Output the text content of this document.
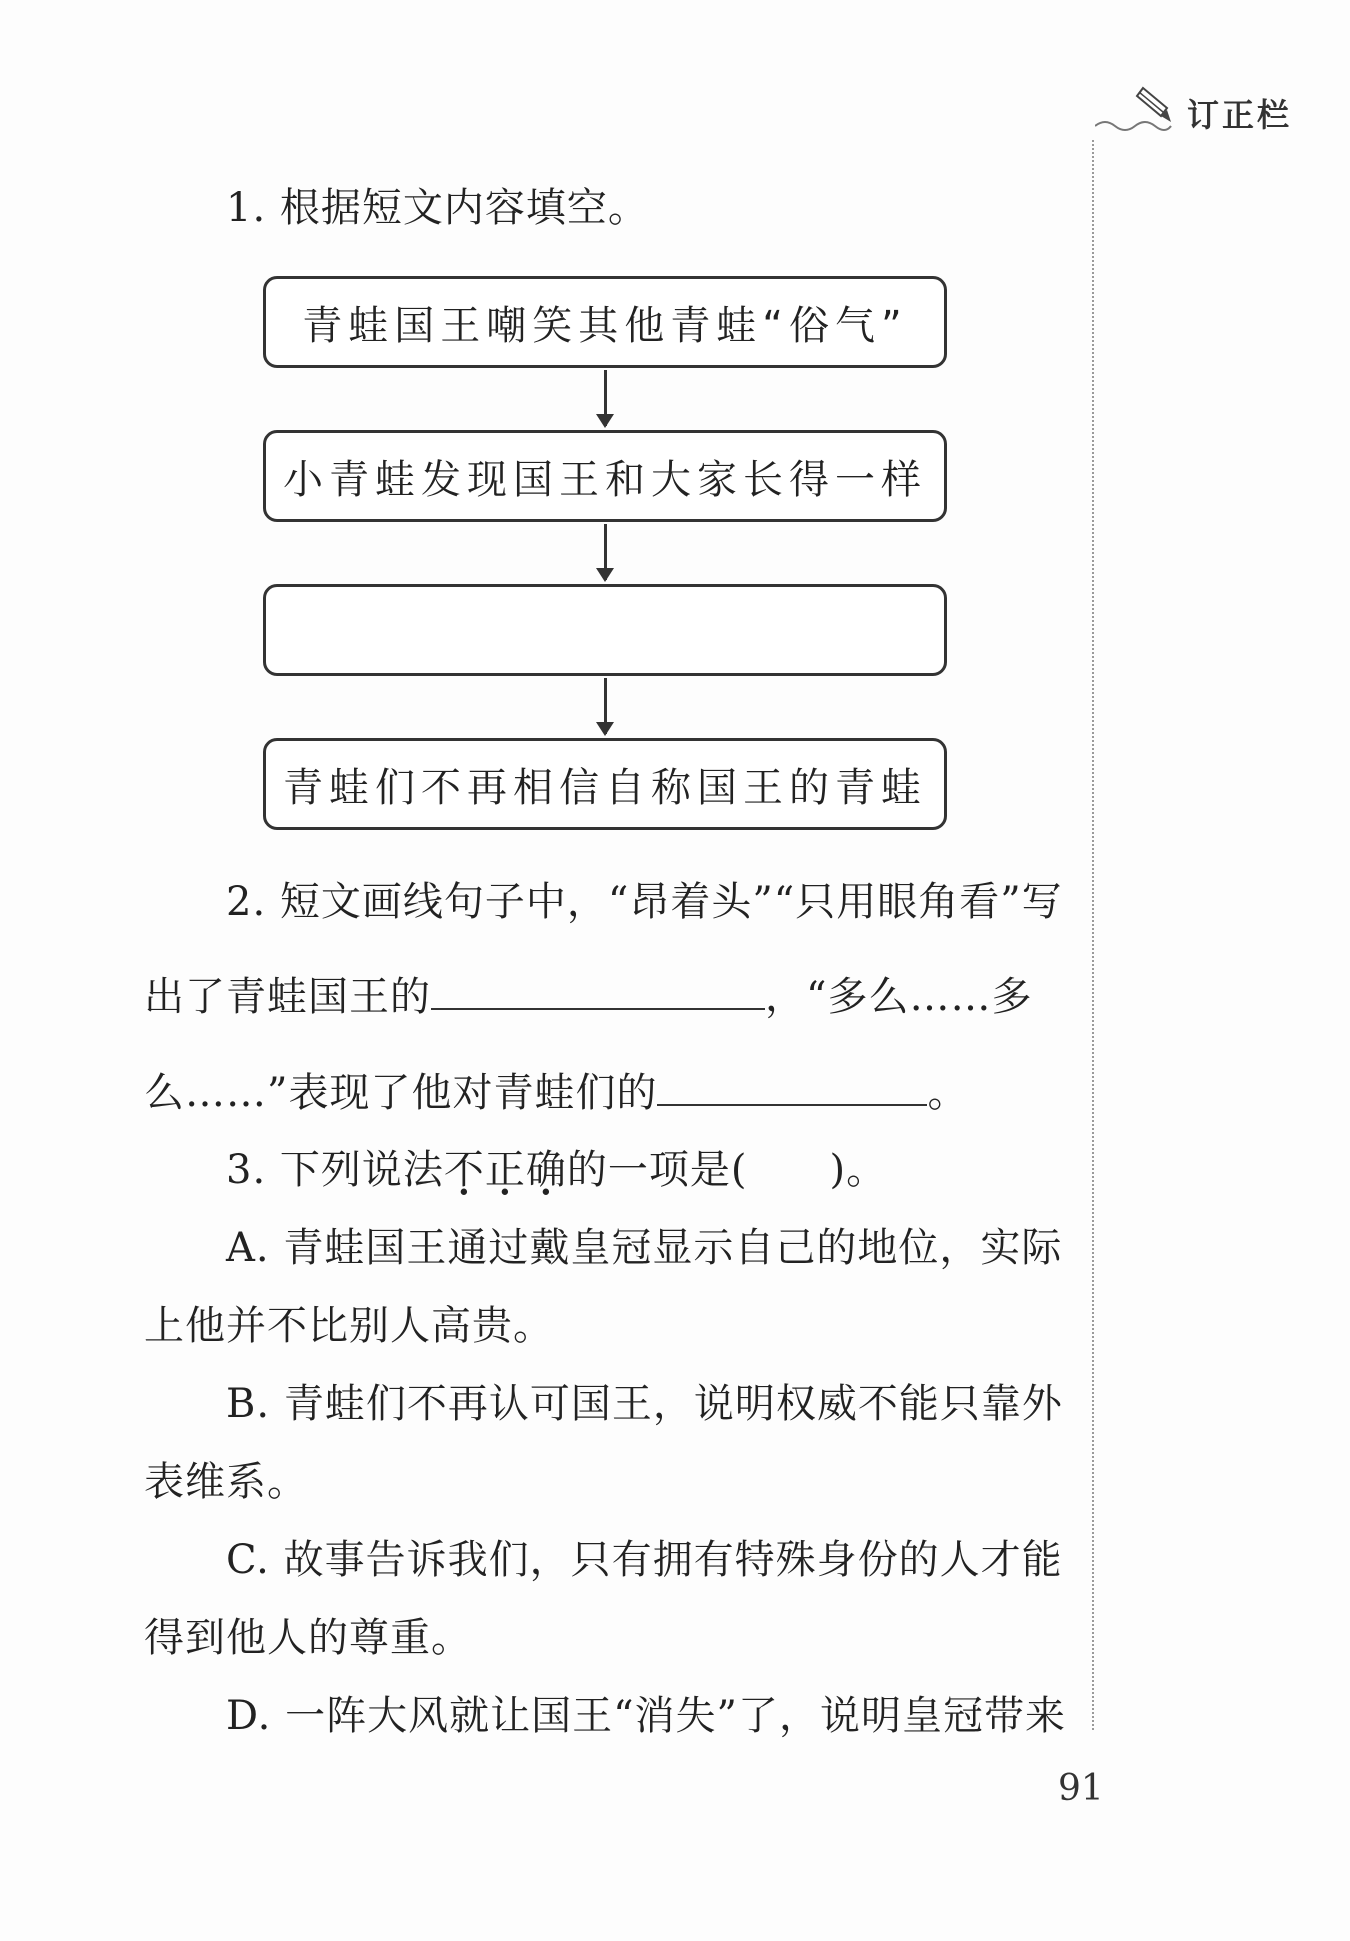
订正栏
1. 根据短文内容填空。
青蛙国王嘲笑其他青蛙“俗气”
小青蛙发现国王和大家长得一样
青蛙们不再相信自称国王的青蛙
2. 短文画线句子中，“昂着头”“只用眼角看”写
出了青蛙国王的	，“多么……多
么……”表现了他对青蛙们的	。
3. 下列说法不正确的一项是(　　)。
A. 青蛙国王通过戴皇冠显示自己的地位，实际
上他并不比别人高贵。
B. 青蛙们不再认可国王，说明权威不能只靠外
表维系。
C. 故事告诉我们，只有拥有特殊身份的人才能
得到他人的尊重。
D. 一阵大风就让国王“消失”了，说明皇冠带来
91
